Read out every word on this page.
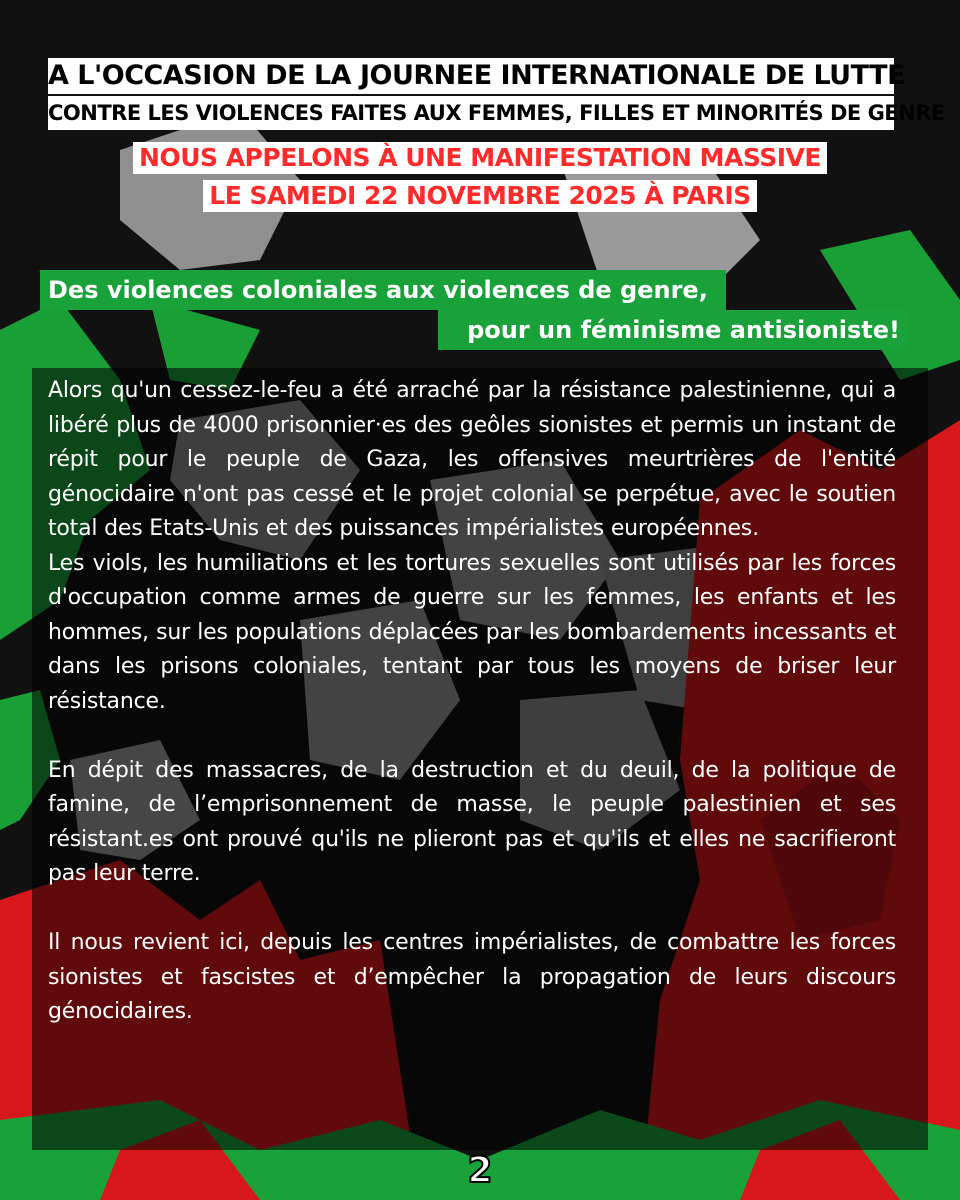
A L'OCCASION DE LA JOURNEE INTERNATIONALE DE LUTTE
CONTRE LES VIOLENCES FAITES AUX FEMMES, FILLES ET MINORITÉS DE GENRE
NOUS APPELONS À UNE MANIFESTATION MASSIVE
LE SAMEDI 22 NOVEMBRE 2025 À PARIS
Des violences coloniales aux violences de genre,
pour un féminisme antisioniste!

Alors qu'un cessez-le-feu a été arraché par la résistance palestinienne, qui a libéré plus de 4000 prisonnier·es des geôles sionistes et permis un instant de répit pour le peuple de Gaza, les offensives meurtrières de l'entité génocidaire n'ont pas cessé et le projet colonial se perpétue, avec le soutien total des Etats-Unis et des puissances impérialistes européennes.

Les viols, les humiliations et les tortures sexuelles sont utilisés par les forces d'occupation comme armes de guerre sur les femmes, les enfants et les hommes, sur les populations déplacées par les bombardements incessants et dans les prisons coloniales, tentant par tous les moyens de briser leur résistance.

En dépit des massacres, de la destruction et du deuil, de la politique de famine, de l’emprisonnement de masse, le peuple palestinien et ses résistant.es ont prouvé qu'ils ne plieront pas et qu'ils et elles ne sacrifieront pas leur terre.

Il nous revient ici, depuis les centres impérialistes, de combattre les forces sionistes et fascistes et d’empêcher la propagation de leurs discours génocidaires.

2
